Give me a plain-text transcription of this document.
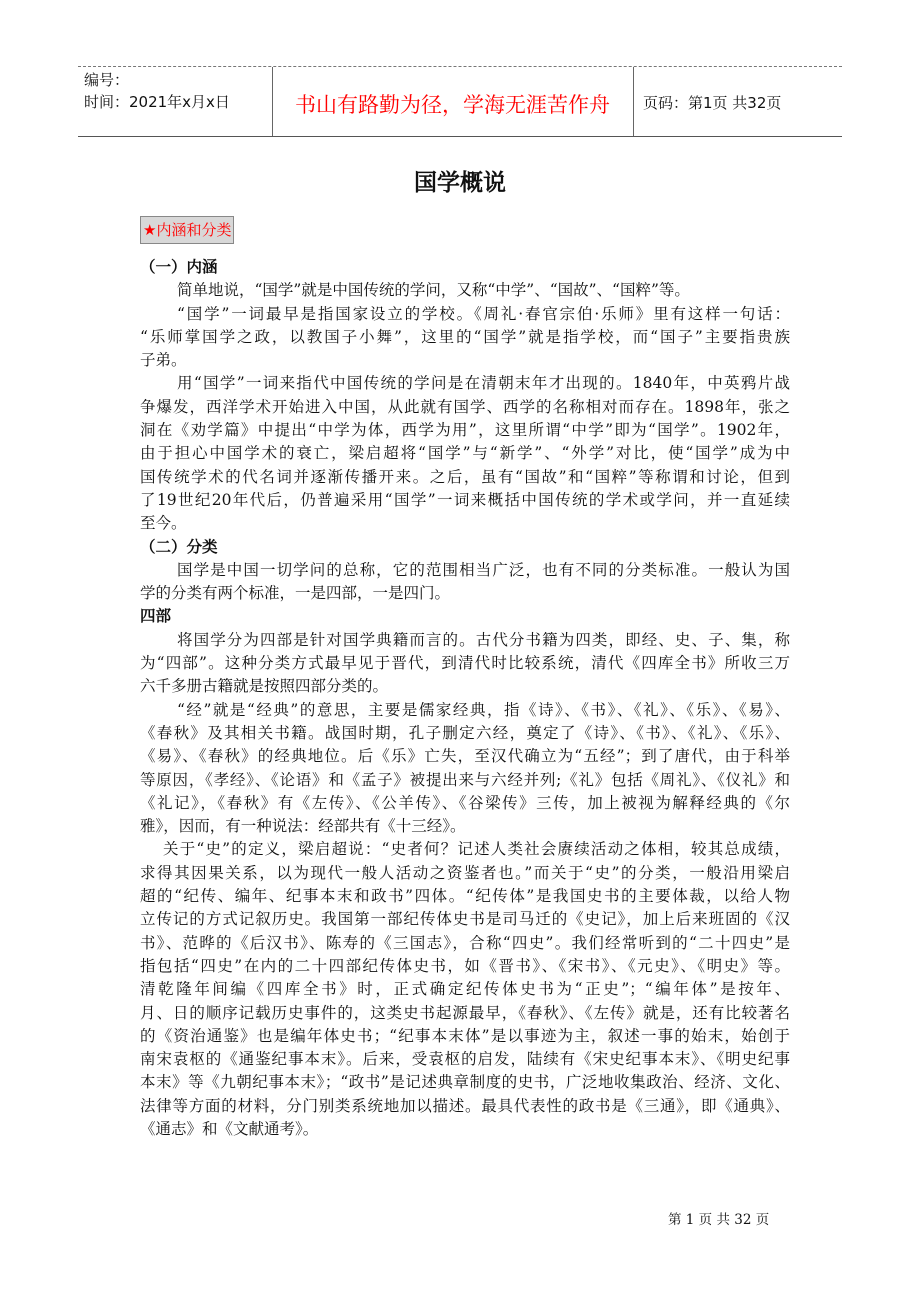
编号：
时间：2021年x月x日	书山有路勤为径，学海无涯苦作舟	页码：第1页 共32页
国学概说
★内涵和分类
（一）内涵
简单地说，“国学”就是中国传统的学问，又称“中学”、“国故”、“国粹”等。
“国学”一词最早是指国家设立的学校。《周礼·春官宗伯·乐师》里有这样一句话：
“乐师掌国学之政，以教国子小舞”，这里的“国学”就是指学校，而“国子”主要指贵族
子弟。
用“国学”一词来指代中国传统的学问是在清朝末年才出现的。1840年，中英鸦片战
争爆发，西洋学术开始进入中国，从此就有国学、西学的名称相对而存在。1898年，张之
洞在《劝学篇》中提出“中学为体，西学为用”，这里所谓“中学”即为“国学”。1902年，
由于担心中国学术的衰亡，梁启超将“国学”与“新学”、“外学”对比，使“国学”成为中
国传统学术的代名词并逐渐传播开来。之后，虽有“国故”和“国粹”等称谓和讨论，但到
了19世纪20年代后，仍普遍采用“国学”一词来概括中国传统的学术或学问，并一直延续
至今。
（二）分类
国学是中国一切学问的总称，它的范围相当广泛，也有不同的分类标准。一般认为国
学的分类有两个标准，一是四部，一是四门。
四部
将国学分为四部是针对国学典籍而言的。古代分书籍为四类，即经、史、子、集，称
为“四部”。这种分类方式最早见于晋代，到清代时比较系统，清代《四库全书》所收三万
六千多册古籍就是按照四部分类的。
“经”就是“经典”的意思，主要是儒家经典，指《诗》、《书》、《礼》、《乐》、《易》、
《春秋》及其相关书籍。战国时期，孔子删定六经，奠定了《诗》、《书》、《礼》、《乐》、
《易》、《春秋》的经典地位。后《乐》亡失，至汉代确立为“五经”；到了唐代，由于科举
等原因，《孝经》、《论语》和《孟子》被提出来与六经并列;《礼》包括《周礼》、《仪礼》和
《礼记》，《春秋》有《左传》、《公羊传》、《谷梁传》三传，加上被视为解释经典的《尔
雅》，因而，有一种说法：经部共有《十三经》。
关于“史”的定义，梁启超说：“史者何？记述人类社会赓续活动之体相，较其总成绩，
求得其因果关系，以为现代一般人活动之资鉴者也。”而关于“史”的分类，一般沿用梁启
超的“纪传、编年、纪事本末和政书”四体。“纪传体”是我国史书的主要体裁，以给人物
立传记的方式记叙历史。我国第一部纪传体史书是司马迁的《史记》，加上后来班固的《汉
书》、范晔的《后汉书》、陈寿的《三国志》，合称“四史”。我们经常听到的“二十四史”是
指包括“四史”在内的二十四部纪传体史书，如《晋书》、《宋书》、《元史》、《明史》等。
清乾隆年间编《四库全书》时，正式确定纪传体史书为“正史”；“编年体”是按年、
月、日的顺序记载历史事件的，这类史书起源最早，《春秋》、《左传》就是，还有比较著名
的《资治通鉴》也是编年体史书；“纪事本末体”是以事迹为主，叙述一事的始末，始创于
南宋袁枢的《通鉴纪事本末》。后来，受袁枢的启发，陆续有《宋史纪事本末》、《明史纪事
本末》等《九朝纪事本末》；“政书”是记述典章制度的史书，广泛地收集政治、经济、文化、
法律等方面的材料，分门别类系统地加以描述。最具代表性的政书是《三通》，即《通典》、
《通志》和《文献通考》。
第 1 页 共 32 页
